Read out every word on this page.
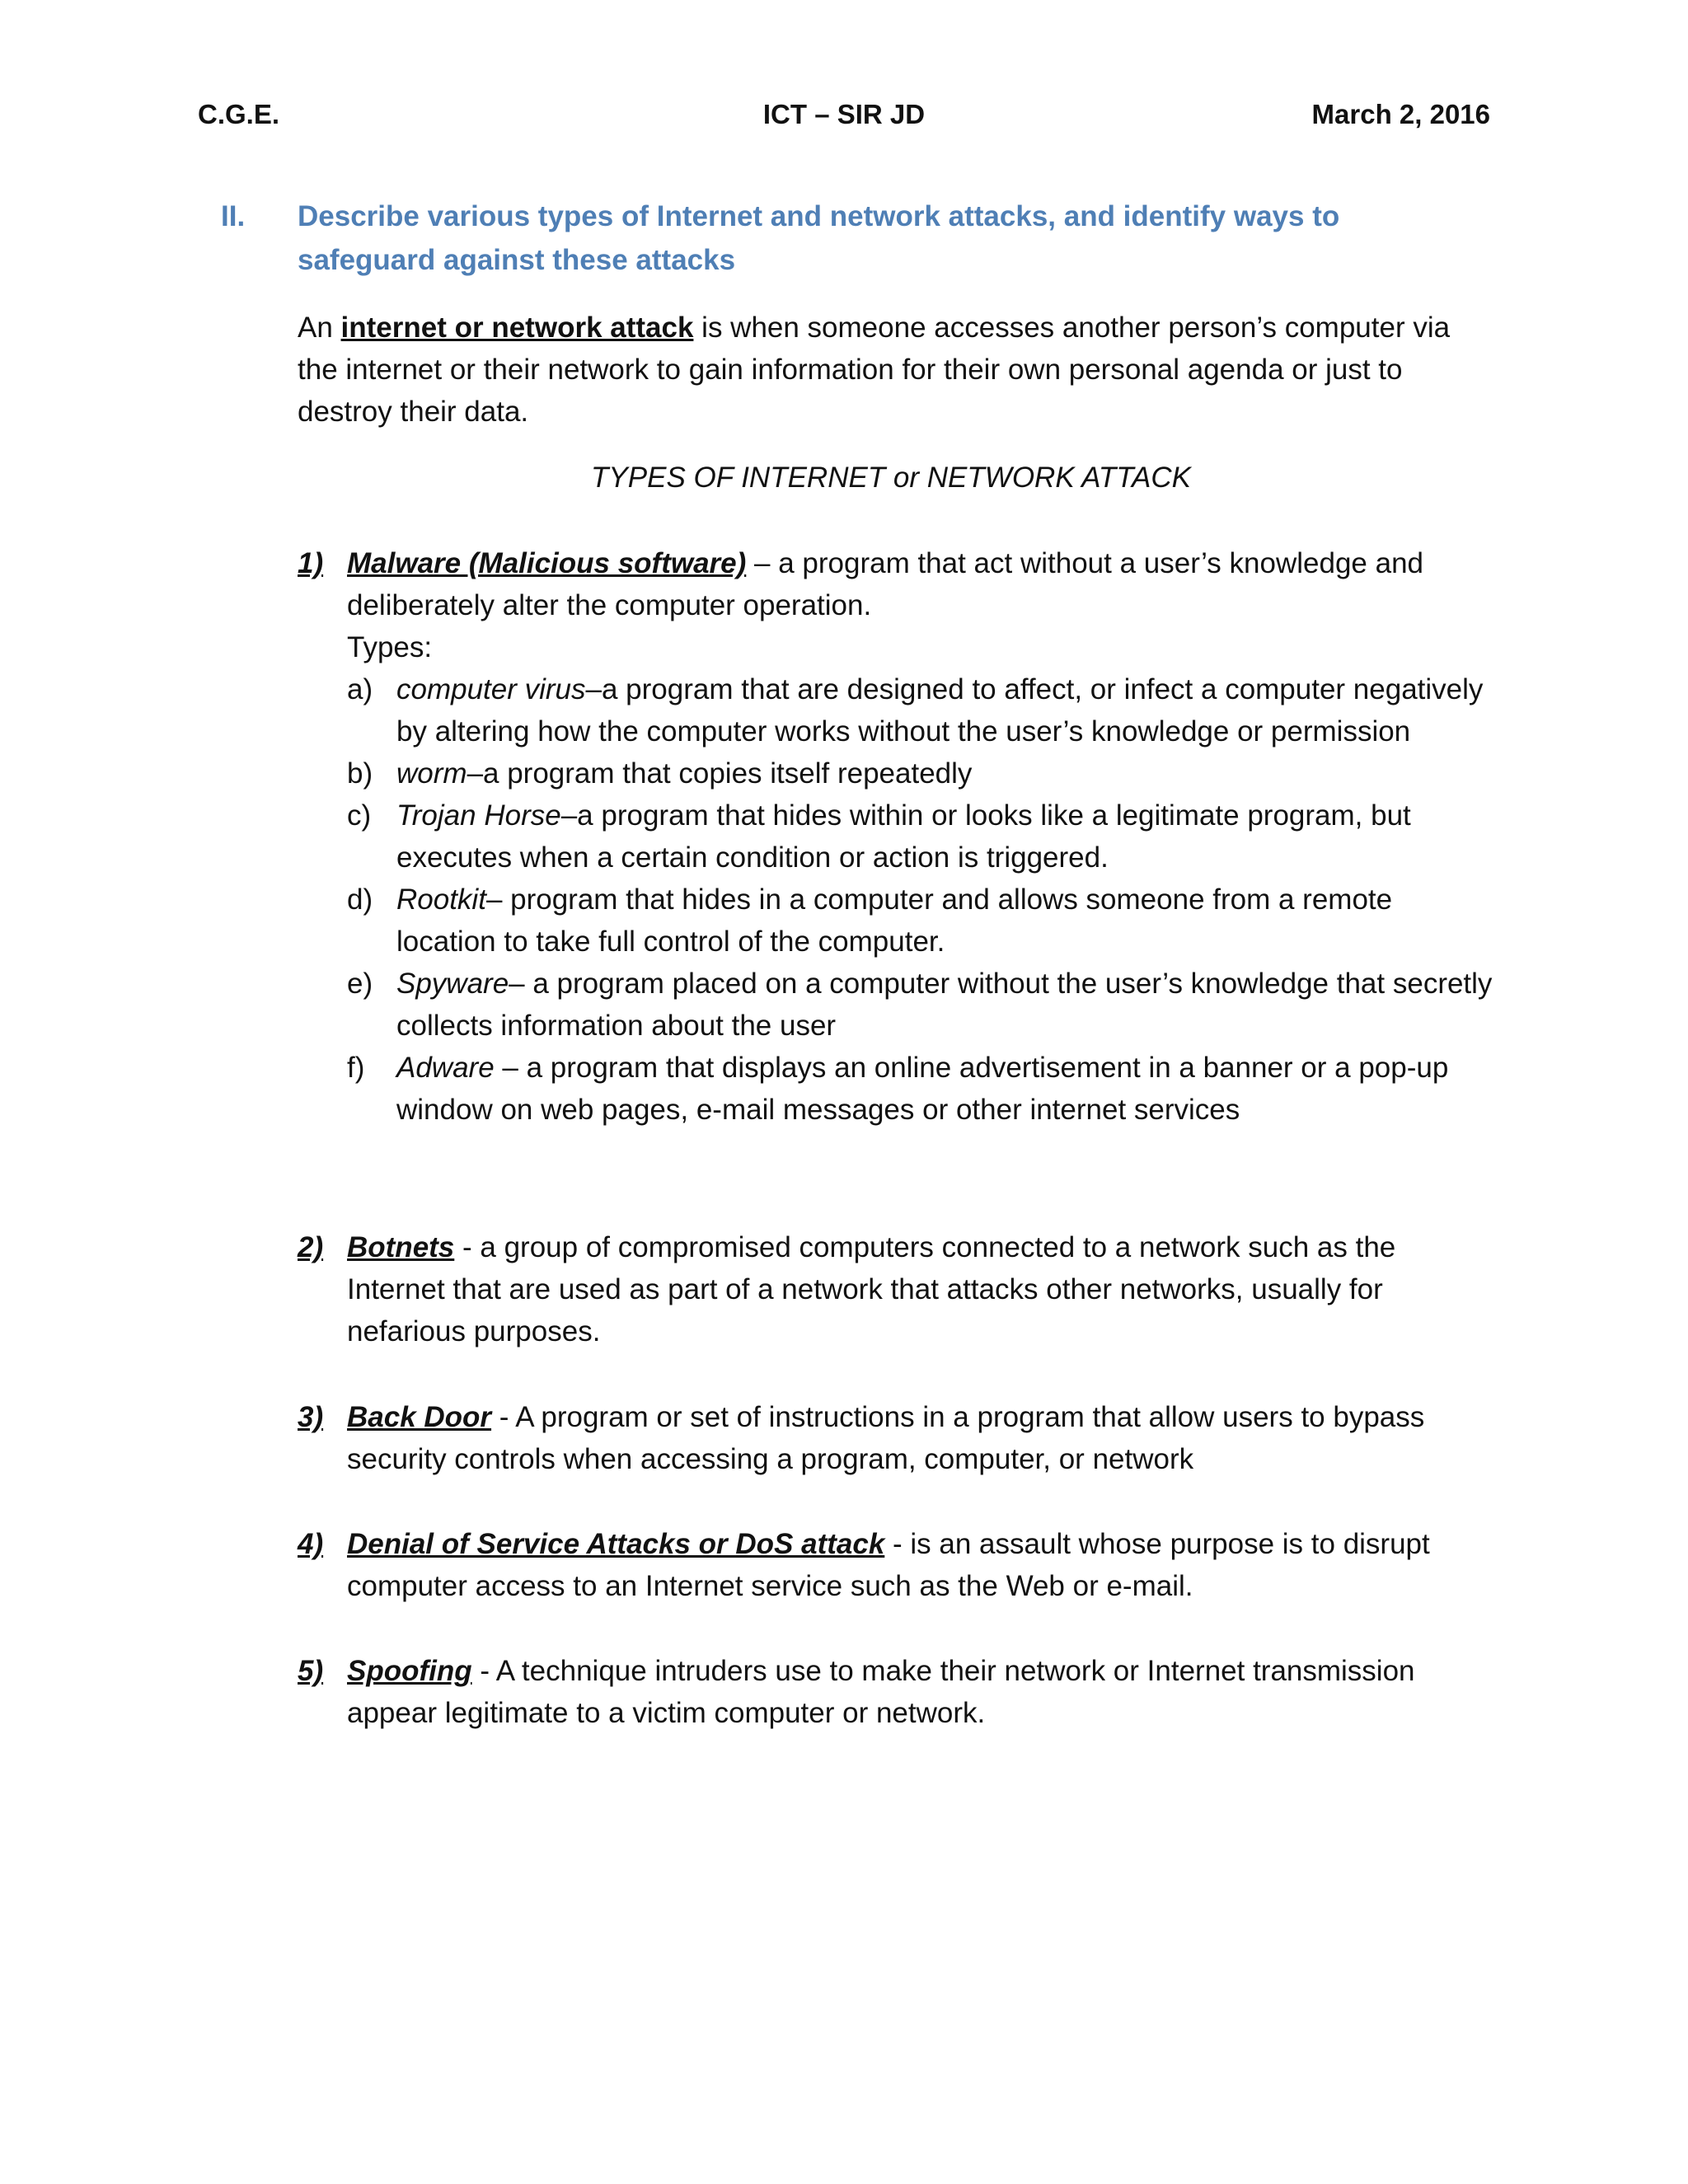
C.G.E.	ICT – SIR JD	March 2, 2016
II. Describe various types of Internet and network attacks, and identify ways to safeguard against these attacks
An internet or network attack is when someone accesses another person’s computer via the internet or their network to gain information for their own personal agenda or just to destroy their data.
TYPES OF INTERNET or NETWORK ATTACK
1) Malware (Malicious software) – a program that act without a user’s knowledge and deliberately alter the computer operation.
Types:
a) computer virus–a program that are designed to affect, or infect a computer negatively by altering how the computer works without the user’s knowledge or permission
b) worm–a program that copies itself repeatedly
c) Trojan Horse–a program that hides within or looks like a legitimate program, but executes when a certain condition or action is triggered.
d) Rootkit– program that hides in a computer and allows someone from a remote location to take full control of the computer.
e) Spyware– a program placed on a computer without the user’s knowledge that secretly collects information about the user
f) Adware – a program that displays an online advertisement in a banner or a pop-up window on web pages, e-mail messages or other internet services
2) Botnets - a group of compromised computers connected to a network such as the Internet that are used as part of a network that attacks other networks, usually for nefarious purposes.
3) Back Door - A program or set of instructions in a program that allow users to bypass security controls when accessing a program, computer, or network
4) Denial of Service Attacks or DoS attack - is an assault whose purpose is to disrupt computer access to an Internet service such as the Web or e-mail.
5) Spoofing - A technique intruders use to make their network or Internet transmission appear legitimate to a victim computer or network.
